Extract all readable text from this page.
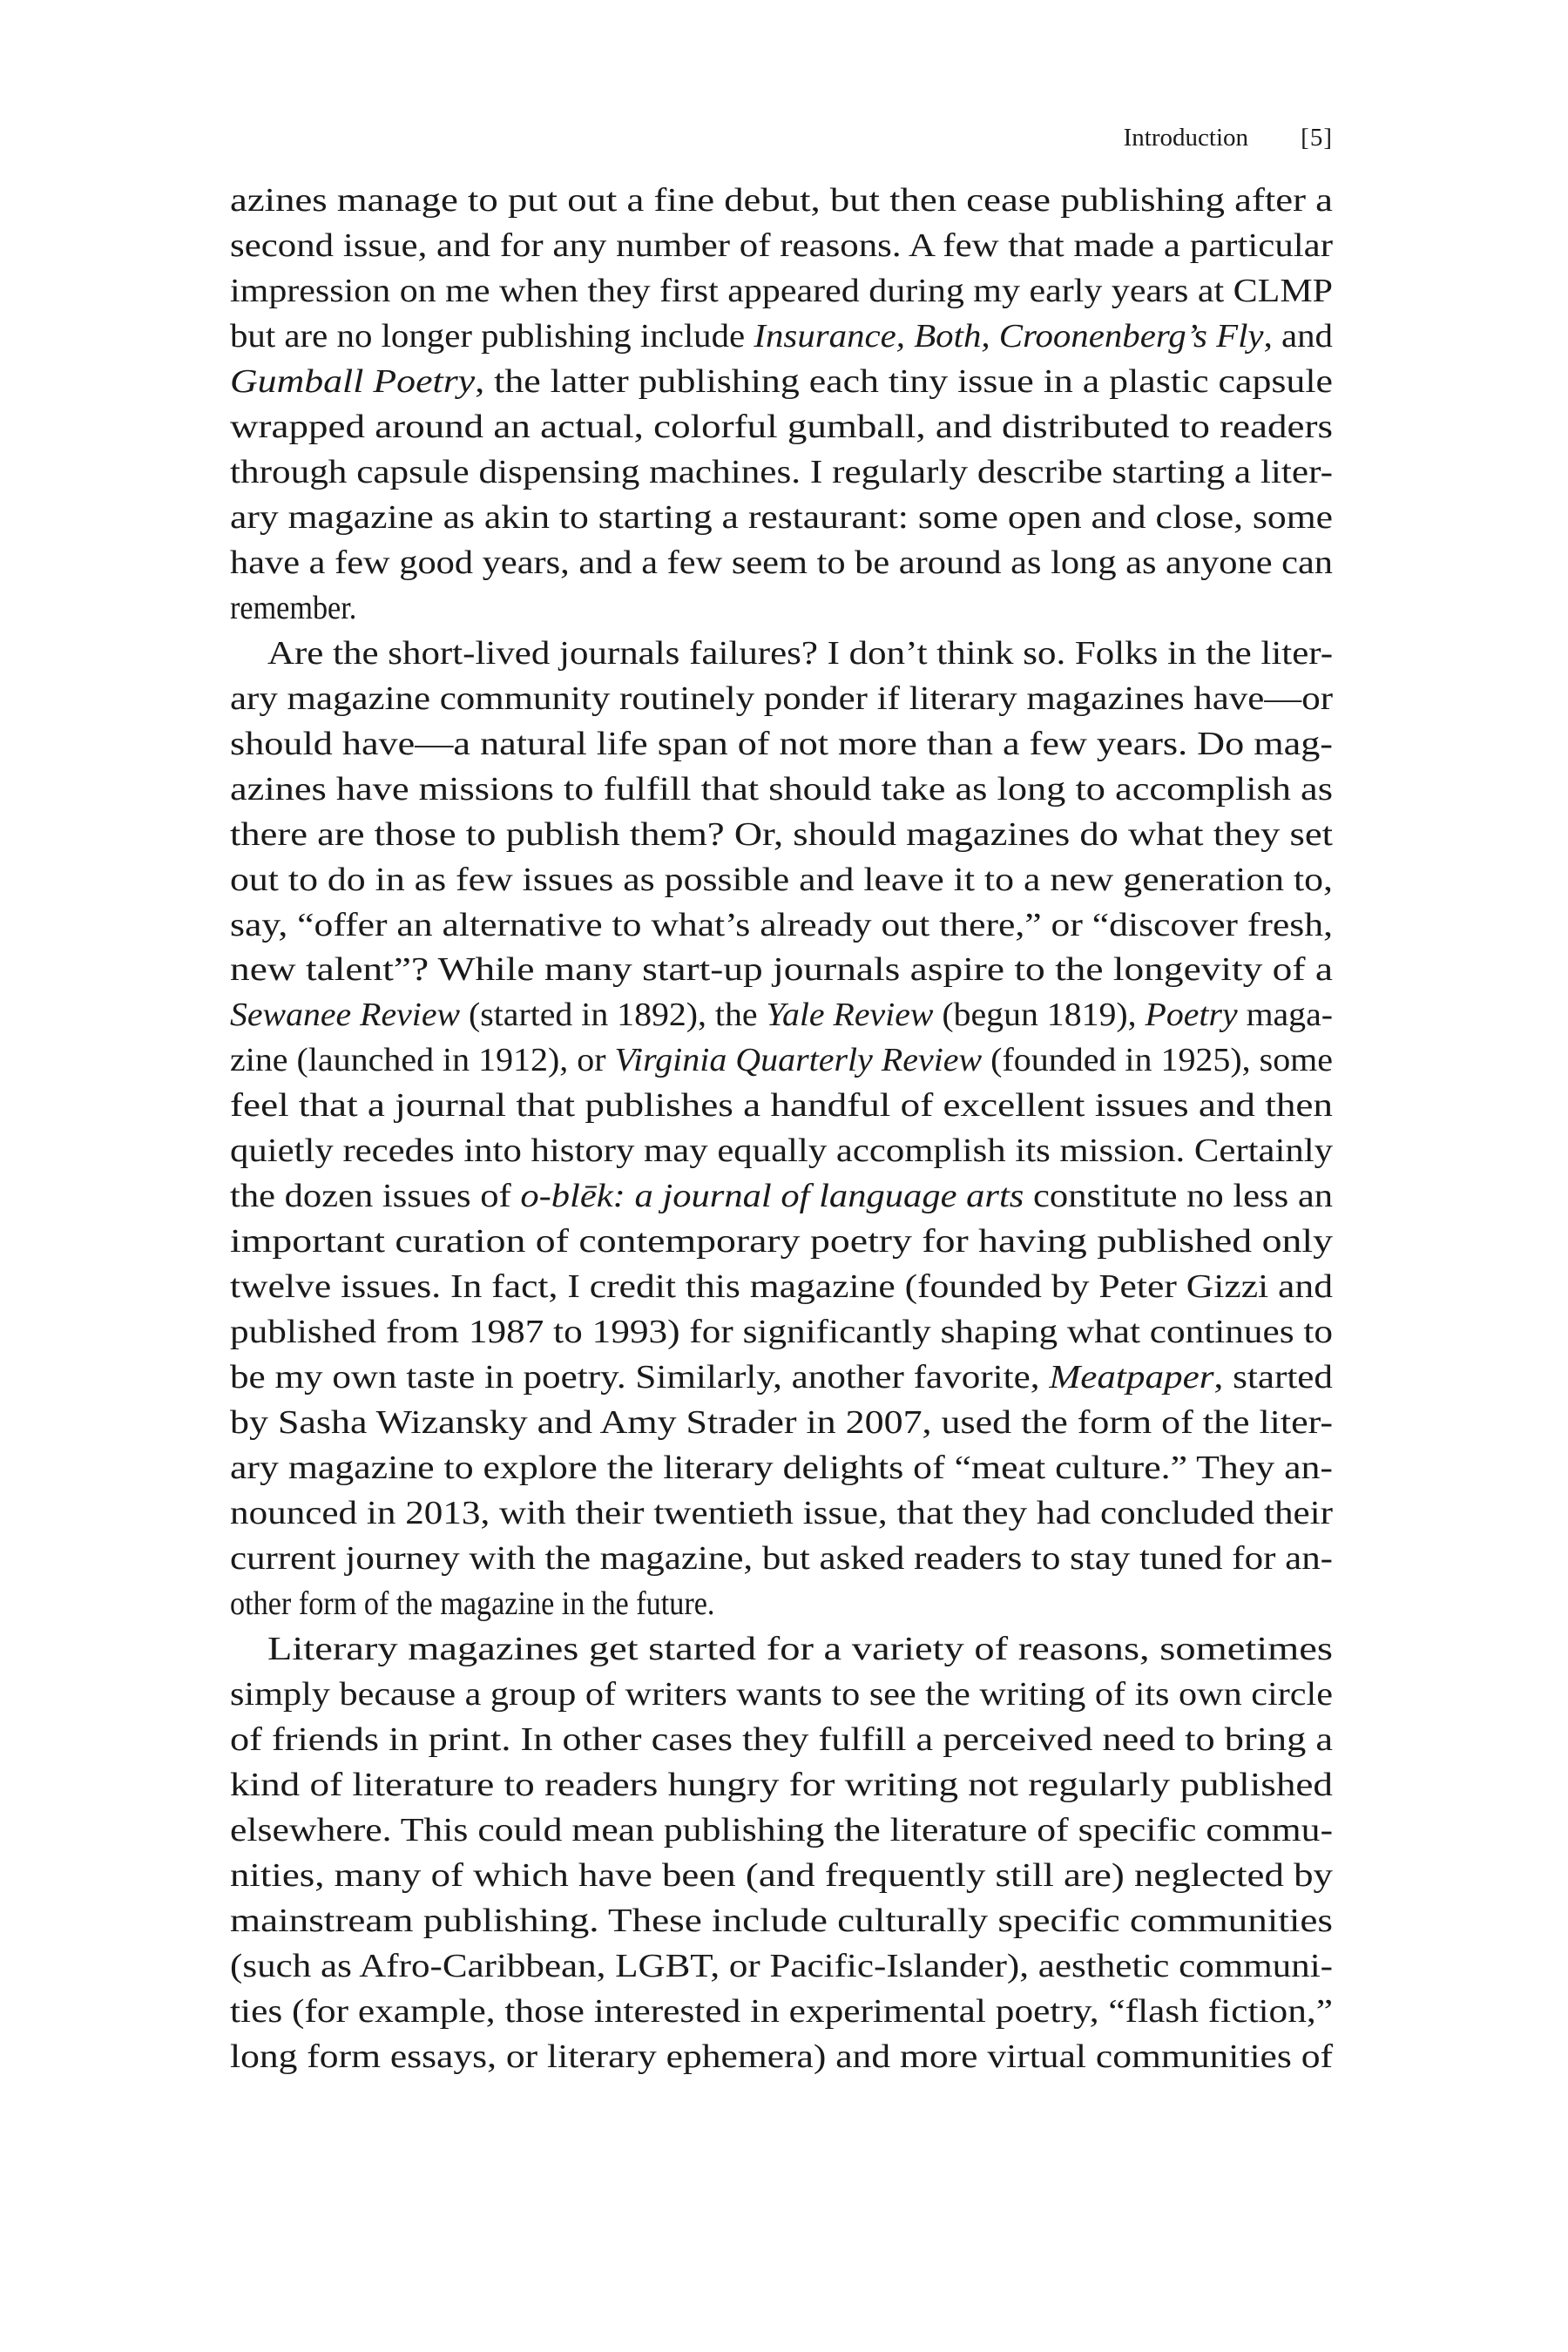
Introduction [5]
azines manage to put out a fine debut, but then cease publishing after a
second issue, and for any number of reasons. A few that made a particular
impression on me when they first appeared during my early years at CLMP
but are no longer publishing include Insurance, Both, Croonenberg’s Fly, and
Gumball Poetry, the latter publishing each tiny issue in a plastic capsule
wrapped around an actual, colorful gumball, and distributed to readers
through capsule dispensing machines. I regularly describe starting a liter-
ary magazine as akin to starting a restaurant: some open and close, some
have a few good years, and a few seem to be around as long as anyone can
remember.
Are the short-lived journals failures? I don’t think so. Folks in the liter-
ary magazine community routinely ponder if literary magazines have—or
should have—a natural life span of not more than a few years. Do mag-
azines have missions to fulfill that should take as long to accomplish as
there are those to publish them? Or, should magazines do what they set
out to do in as few issues as possible and leave it to a new generation to,
say, “offer an alternative to what’s already out there,” or “discover fresh,
new talent”? While many start-up journals aspire to the longevity of a
Sewanee Review (started in 1892), the Yale Review (begun 1819), Poetry maga-
zine (launched in 1912), or Virginia Quarterly Review (founded in 1925), some
feel that a journal that publishes a handful of excellent issues and then
quietly recedes into history may equally accomplish its mission. Certainly
the dozen issues of o-blēk: a journal of language arts constitute no less an
important curation of contemporary poetry for having published only
twelve issues. In fact, I credit this magazine (founded by Peter Gizzi and
published from 1987 to 1993) for significantly shaping what continues to
be my own taste in poetry. Similarly, another favorite, Meatpaper, started
by Sasha Wizansky and Amy Strader in 2007, used the form of the liter-
ary magazine to explore the literary delights of “meat culture.” They an-
nounced in 2013, with their twentieth issue, that they had concluded their
current journey with the magazine, but asked readers to stay tuned for an-
other form of the magazine in the future.
Literary magazines get started for a variety of reasons, sometimes
simply because a group of writers wants to see the writing of its own circle
of friends in print. In other cases they fulfill a perceived need to bring a
kind of literature to readers hungry for writing not regularly published
elsewhere. This could mean publishing the literature of specific commu-
nities, many of which have been (and frequently still are) neglected by
mainstream publishing. These include culturally specific communities
(such as Afro-Caribbean, LGBT, or Pacific-Islander), aesthetic communi-
ties (for example, those interested in experimental poetry, “flash fiction,”
long form essays, or literary ephemera) and more virtual communities of
